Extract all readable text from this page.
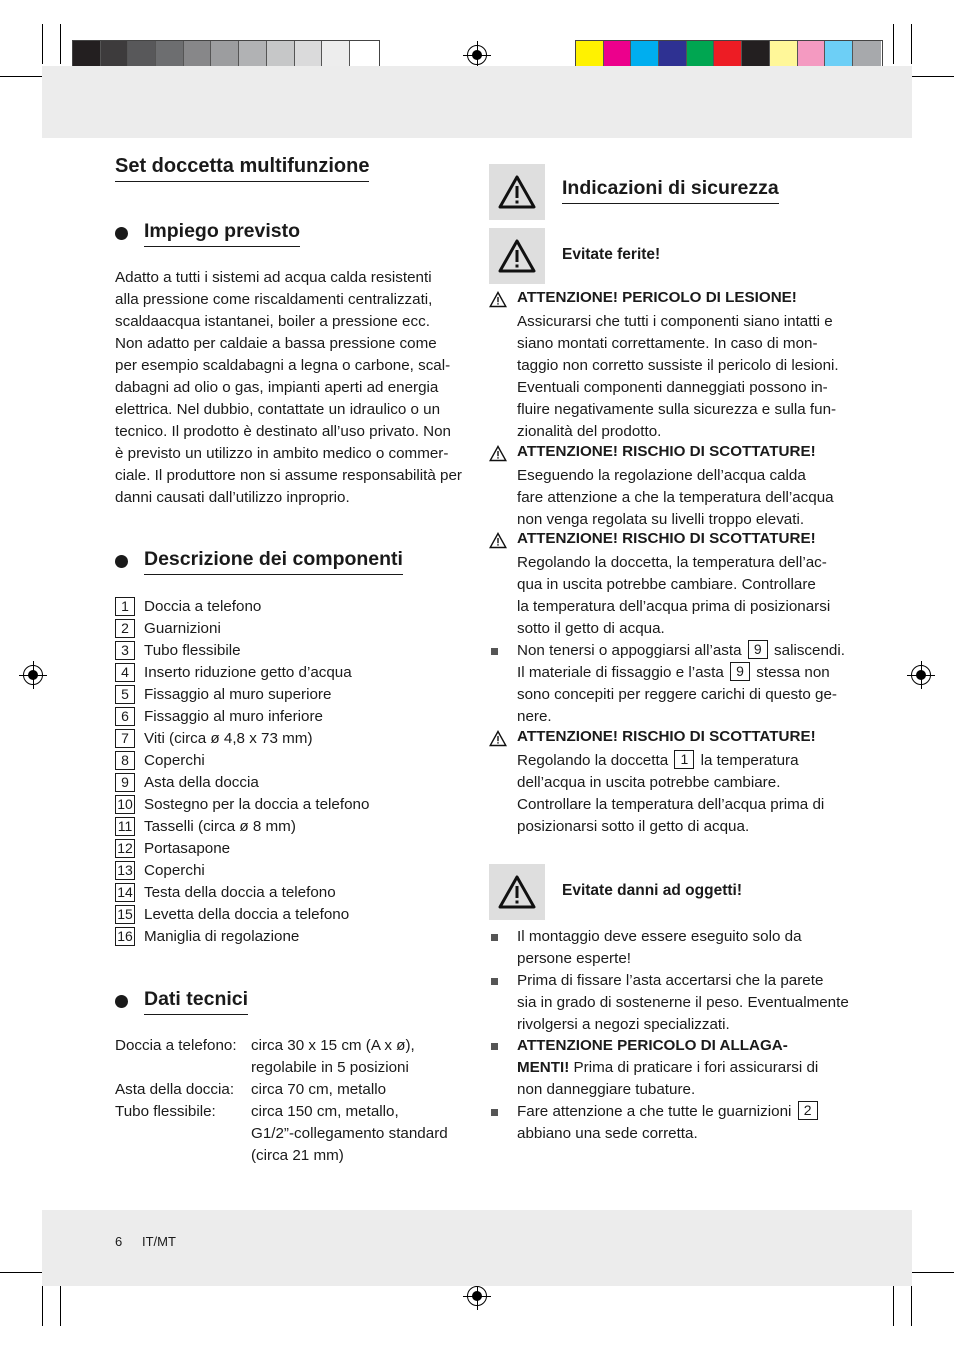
Set doccetta multifunzione
Impiego previsto
Adatto a tutti i sistemi ad acqua calda resistenti
alla pressione come riscaldamenti centralizzati,
scaldaacqua istantanei, boiler a pressione ecc.
Non adatto per caldaie a bassa pressione come
per esempio scaldabagni a legna o carbone, scal-
dabagni ad olio o gas, impianti aperti ad energia
elettrica. Nel dubbio, contattate un idraulico o un
tecnico. Il prodotto è destinato all’uso privato. Non
è previsto un utilizzo in ambito medico o commer-
ciale. Il produttore non si assume responsabilità per
danni causati dall’utilizzo inproprio.
Descrizione dei componenti
1 Doccia a telefono
2 Guarnizioni
3 Tubo flessibile
4 Inserto riduzione getto d’acqua
5 Fissaggio al muro superiore
6 Fissaggio al muro inferiore
7 Viti (circa ø 4,8 x 73 mm)
8 Coperchi
9 Asta della doccia
10 Sostegno per la doccia a telefono
11 Tasselli (circa ø 8 mm)
12 Portasapone
13 Coperchi
14 Testa della doccia a telefono
15 Levetta della doccia a telefono
16 Maniglia di regolazione
Dati tecnici
Doccia a telefono: circa 30 x 15 cm (A x ø),
regolabile in 5 posizioni
Asta della doccia:	circa 70 cm, metallo
Tubo flessibile:	circa 150 cm, metallo,
G1/2”-collegamento standard
(circa 21 mm)
Indicazioni di sicurezza
Evitate ferite!
ATTENZIONE! PERICOLO DI LESIONE!
Assicurarsi che tutti i componenti siano intatti e
siano montati correttamente. In caso di mon-
taggio non corretto sussiste il pericolo di lesioni.
Eventuali componenti danneggiati possono in-
fluire negativamente sulla sicurezza e sulla fun-
zionalità del prodotto.
ATTENZIONE! RISCHIO DI SCOTTATURE!
Eseguendo la regolazione dell’acqua calda
fare attenzione a che la temperatura dell’acqua
non venga regolata su livelli troppo elevati.
ATTENZIONE! RISCHIO DI SCOTTATURE!
Regolando la doccetta, la temperatura dell’ac-
qua in uscita potrebbe cambiare. Controllare
la temperatura dell’acqua prima di posizionarsi
sotto il getto di acqua.
Non tenersi o appoggiarsi all’asta 9 saliscendi.
Il materiale di fissaggio e l’asta 9 stessa non
sono concepiti per reggere carichi di questo ge-
nere.
ATTENZIONE! RISCHIO DI SCOTTATURE!
Regolando la doccetta 1 la temperatura
dell’acqua in uscita potrebbe cambiare.
Controllare la temperatura dell’acqua prima di
posizionarsi sotto il getto di acqua.
Evitate danni ad oggetti!
Il montaggio deve essere eseguito solo da
persone esperte!
Prima di fissare l’asta accertarsi che la parete
sia in grado di sostenerne il peso. Eventualmente
rivolgersi a negozi specializzati.
ATTENZIONE PERICOLO DI ALLAGA-
MENTI! Prima di praticare i fori assicurarsi di
non danneggiare tubature.
Fare attenzione a che tutte le guarnizioni 2
abbiano una sede corretta.
6 IT/MT
